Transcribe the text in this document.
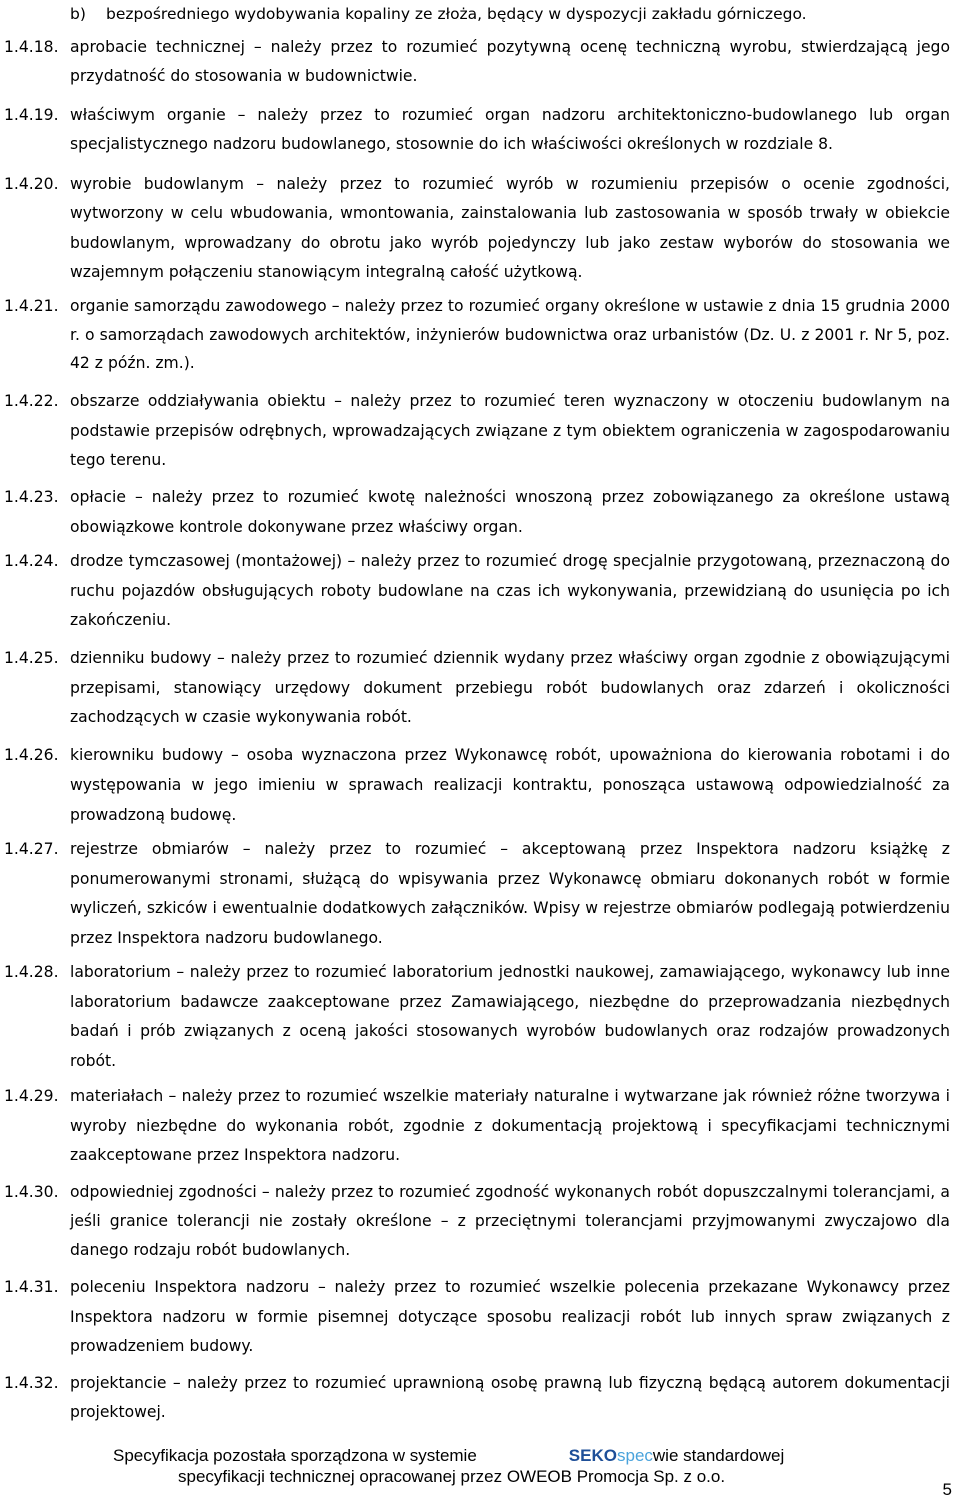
b) bezpośredniego wydobywania kopaliny ze złoża, będący w dyspozycji zakładu górniczego.
1.4.18. aprobacie technicznej – należy przez to rozumieć pozytywną ocenę techniczną wyrobu, stwierdzającą jego przydatność do stosowania w budownictwie.
1.4.19. właściwym organie – należy przez to rozumieć organ nadzoru architektoniczno-budowlanego lub organ specjalistycznego nadzoru budowlanego, stosownie do ich właściwości określonych w rozdziale 8.
1.4.20. wyrobie budowlanym – należy przez to rozumieć wyrób w rozumieniu przepisów o ocenie zgodności, wytworzony w celu wbudowania, wmontowania, zainstalowania lub zastosowania w sposób trwały w obiekcie budowlanym, wprowadzany do obrotu jako wyrób pojedynczy lub jako zestaw wyborów do stosowania we wzajemnym połączeniu stanowiącym integralną całość użytkową.
1.4.21. organie samorządu zawodowego – należy przez to rozumieć organy określone w ustawie z dnia 15 grudnia 2000 r. o samorządach zawodowych architektów, inżynierów budownictwa oraz urbanistów (Dz. U. z 2001 r. Nr 5, poz. 42 z późn. zm.).
1.4.22. obszarze oddziaływania obiektu – należy przez to rozumieć teren wyznaczony w otoczeniu budowlanym na podstawie przepisów odrębnych, wprowadzających związane z tym obiektem ograniczenia w zagospodarowaniu tego terenu.
1.4.23. opłacie – należy przez to rozumieć kwotę należności wnoszoną przez zobowiązanego za określone ustawą obowiązkowe kontrole dokonywane przez właściwy organ.
1.4.24. drodze tymczasowej (montażowej) – należy przez to rozumieć drogę specjalnie przygotowaną, przeznaczoną do ruchu pojazdów obsługujących roboty budowlane na czas ich wykonywania, przewidzianą do usunięcia po ich zakończeniu.
1.4.25. dzienniku budowy – należy przez to rozumieć dziennik wydany przez właściwy organ zgodnie z obowiązującymi przepisami, stanowiący urzędowy dokument przebiegu robót budowlanych oraz zdarzeń i okoliczności zachodzących w czasie wykonywania robót.
1.4.26. kierowniku budowy – osoba wyznaczona przez Wykonawcę robót, upoważniona do kierowania robotami i do występowania w jego imieniu w sprawach realizacji kontraktu, ponosząca ustawową odpowiedzialność za prowadzoną budowę.
1.4.27. rejestrze obmiarów – należy przez to rozumieć – akceptowaną przez Inspektora nadzoru książkę z ponumerowanymi stronami, służącą do wpisywania przez Wykonawcę obmiaru dokonanych robót w formie wyliczeń, szkiców i ewentualnie dodatkowych załączników. Wpisy w rejestrze obmiarów podlegają potwierdzeniu przez Inspektora nadzoru budowlanego.
1.4.28. laboratorium – należy przez to rozumieć laboratorium jednostki naukowej, zamawiającego, wykonawcy lub inne laboratorium badawcze zaakceptowane przez Zamawiającego, niezbędne do przeprowadzania niezbędnych badań i prób związanych z oceną jakości stosowanych wyrobów budowlanych oraz rodzajów prowadzonych robót.
1.4.29. materiałach – należy przez to rozumieć wszelkie materiały naturalne i wytwarzane jak również różne tworzywa i wyroby niezbędne do wykonania robót, zgodnie z dokumentacją projektową i specyfikacjami technicznymi zaakceptowane przez Inspektora nadzoru.
1.4.30. odpowiedniej zgodności – należy przez to rozumieć zgodność wykonanych robót dopuszczalnymi tolerancjami, a jeśli granice tolerancji nie zostały określone – z przeciętnymi tolerancjami przyjmowanymi zwyczajowo dla danego rodzaju robót budowlanych.
1.4.31. poleceniu Inspektora nadzoru – należy przez to rozumieć wszelkie polecenia przekazane Wykonawcy przez Inspektora nadzoru w formie pisemnej dotyczące sposobu realizacji robót lub innych spraw związanych z prowadzeniem budowy.
1.4.32. projektancie – należy przez to rozumieć uprawnioną osobę prawną lub fizyczną będącą autorem dokumentacji projektowej.
Specyfikacja pozostała sporządzona w systemie	SEKOspecwie standardowej
specyfikacji technicznej opracowanej przez OWEOB Promocja Sp. z o.o.
5
